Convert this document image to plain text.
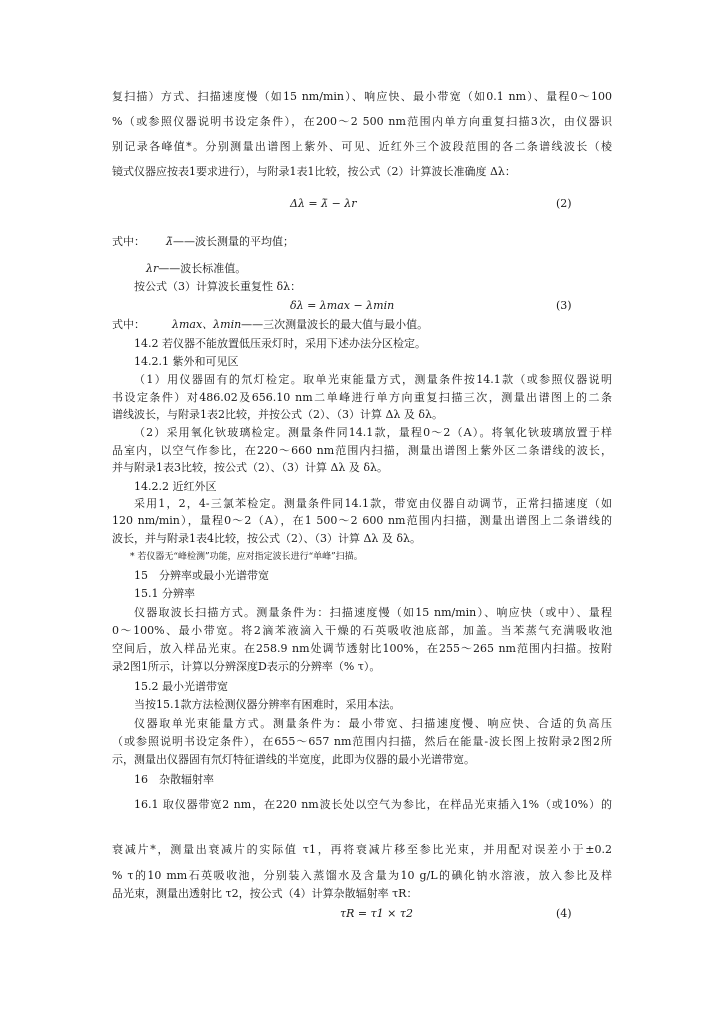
复扫描）方式、扫描速度慢（如15 nm/min）、响应快、最小带宽（如0.1 nm）、量程0～100
%（或参照仪器说明书设定条件），在200～2 500 nm范围内单方向重复扫描3次，由仪器识
别记录各峰值*。分别测量出谱图上紫外、可见、近红外三个波段范围的各二条谱线波长（棱
镜式仪器应按表1要求进行），与附录1表1比较，按公式（2）计算波长准确度 Δλ：
Δλ = λ̄ − λr	(2)
式中： λ̄——波长测量的平均值；
λr——波长标准值。
按公式（3）计算波长重复性 δλ：
δλ = λmax − λmin	(3)
式中： λmax、λmin——三次测量波长的最大值与最小值。
14.2 若仪器不能放置低压汞灯时，采用下述办法分区检定。
14.2.1 紫外和可见区
（1）用仪器固有的氘灯检定。取单光束能量方式，测量条件按14.1款（或参照仪器说明
书设定条件）对486.02及656.10 nm二单峰进行单方向重复扫描三次，测量出谱图上的二条
谱线波长，与附录1表2比较，并按公式（2）、（3）计算 Δλ 及 δλ。
（2）采用氧化钬玻璃检定。测量条件同14.1款，量程0～2（A）。将氧化钬玻璃放置于样
品室内，以空气作参比，在220～660 nm范围内扫描，测量出谱图上紫外区二条谱线的波长，
并与附录1表3比较，按公式（2）、（3）计算 Δλ 及 δλ。
14.2.2 近红外区
采用1，2，4-三氯苯检定。测量条件同14.1款，带宽由仪器自动调节，正常扫描速度（如
120 nm/min），量程0～2（A），在1 500～2 600 nm范围内扫描，测量出谱图上二条谱线的
波长，并与附录1表4比较，按公式（2）、（3）计算 Δλ 及 δλ。
* 若仪器无“峰检测”功能，应对指定波长进行“单峰”扫描。
15　分辨率或最小光谱带宽
15.1 分辨率
仪器取波长扫描方式。测量条件为：扫描速度慢（如15 nm/min）、响应快（或中）、量程
0～100%、最小带宽。将2滴苯液滴入干燥的石英吸收池底部，加盖。当苯蒸气充满吸收池
空间后，放入样品光束。在258.9 nm处调节透射比100%，在255～265 nm范围内扫描。按附
录2图1所示，计算以分辨深度D表示的分辨率（% τ）。
15.2 最小光谱带宽
当按15.1款方法检测仪器分辨率有困难时，采用本法。
仪器取单光束能量方式。测量条件为：最小带宽、扫描速度慢、响应快、合适的负高压
（或参照说明书设定条件），在655～657 nm范围内扫描，然后在能量-波长图上按附录2图2所
示，测量出仪器固有氘灯特征谱线的半宽度，此即为仪器的最小光谱带宽。
16　杂散辐射率
16.1 取仪器带宽2 nm，在220 nm波长处以空气为参比，在样品光束插入1%（或10%）的
衰减片*，测量出衰减片的实际值 τ1，再将衰减片移至参比光束，并用配对误差小于±0.2
% τ的10 mm石英吸收池，分别装入蒸馏水及含量为10 g/L的碘化钠水溶液，放入参比及样
品光束，测量出透射比 τ2，按公式（4）计算杂散辐射率 τR：
τR = τ1 × τ2	(4)
